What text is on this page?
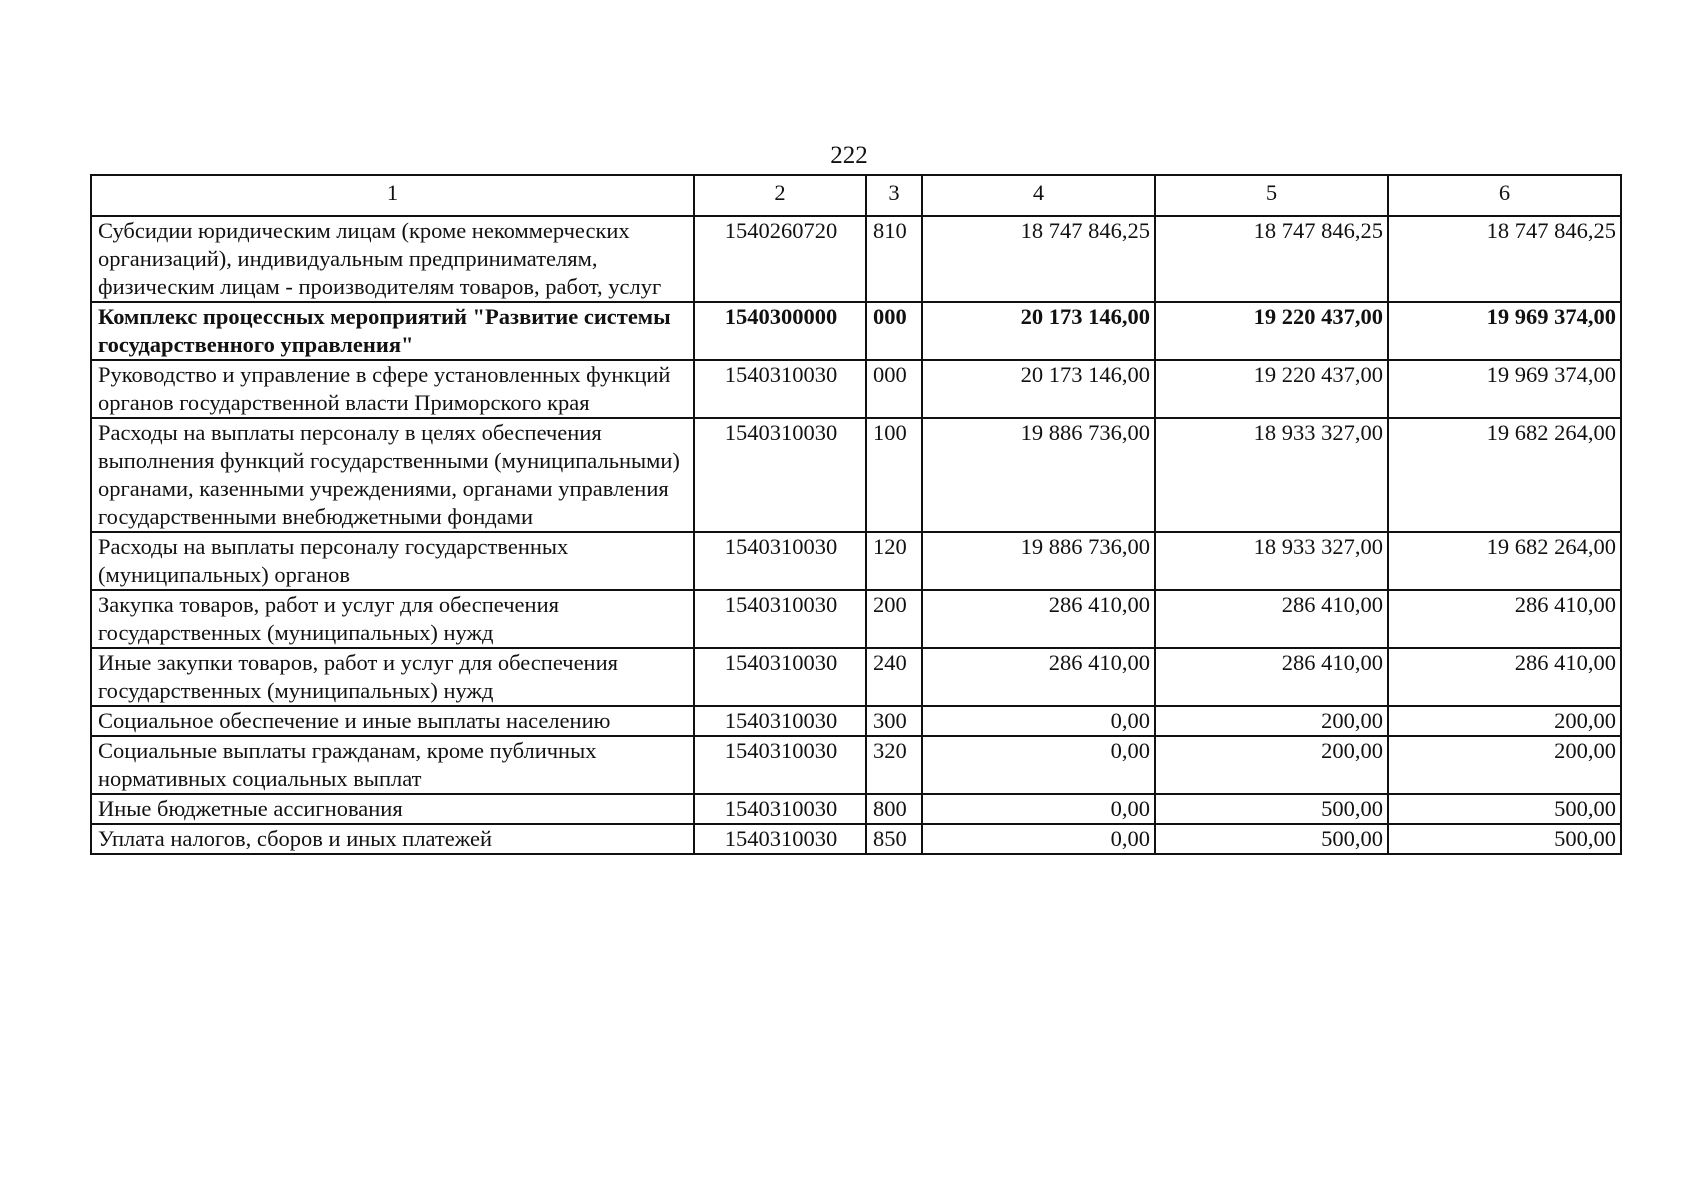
222
1	2	3	4	5	6
Субсидии юридическим лицам (кроме некоммерческих организаций), индивидуальным предпринимателям, физическим лицам - производителям товаров, работ, услуг	1540260720	810	18 747 846,25	18 747 846,25	18 747 846,25
Комплекс процессных мероприятий "Развитие системы государственного управления"	1540300000	000	20 173 146,00	19 220 437,00	19 969 374,00
Руководство и управление в сфере установленных функций органов государственной власти Приморского края	1540310030	000	20 173 146,00	19 220 437,00	19 969 374,00
Расходы на выплаты персоналу в целях обеспечения выполнения функций государственными (муниципальными) органами, казенными учреждениями, органами управления государственными внебюджетными фондами	1540310030	100	19 886 736,00	18 933 327,00	19 682 264,00
Расходы на выплаты персоналу государственных (муниципальных) органов	1540310030	120	19 886 736,00	18 933 327,00	19 682 264,00
Закупка товаров, работ и услуг для обеспечения государственных (муниципальных) нужд	1540310030	200	286 410,00	286 410,00	286 410,00
Иные закупки товаров, работ и услуг для обеспечения государственных (муниципальных) нужд	1540310030	240	286 410,00	286 410,00	286 410,00
Социальное обеспечение и иные выплаты населению	1540310030	300	0,00	200,00	200,00
Социальные выплаты гражданам, кроме публичных нормативных социальных выплат	1540310030	320	0,00	200,00	200,00
Иные бюджетные ассигнования	1540310030	800	0,00	500,00	500,00
Уплата налогов, сборов и иных платежей	1540310030	850	0,00	500,00	500,00
